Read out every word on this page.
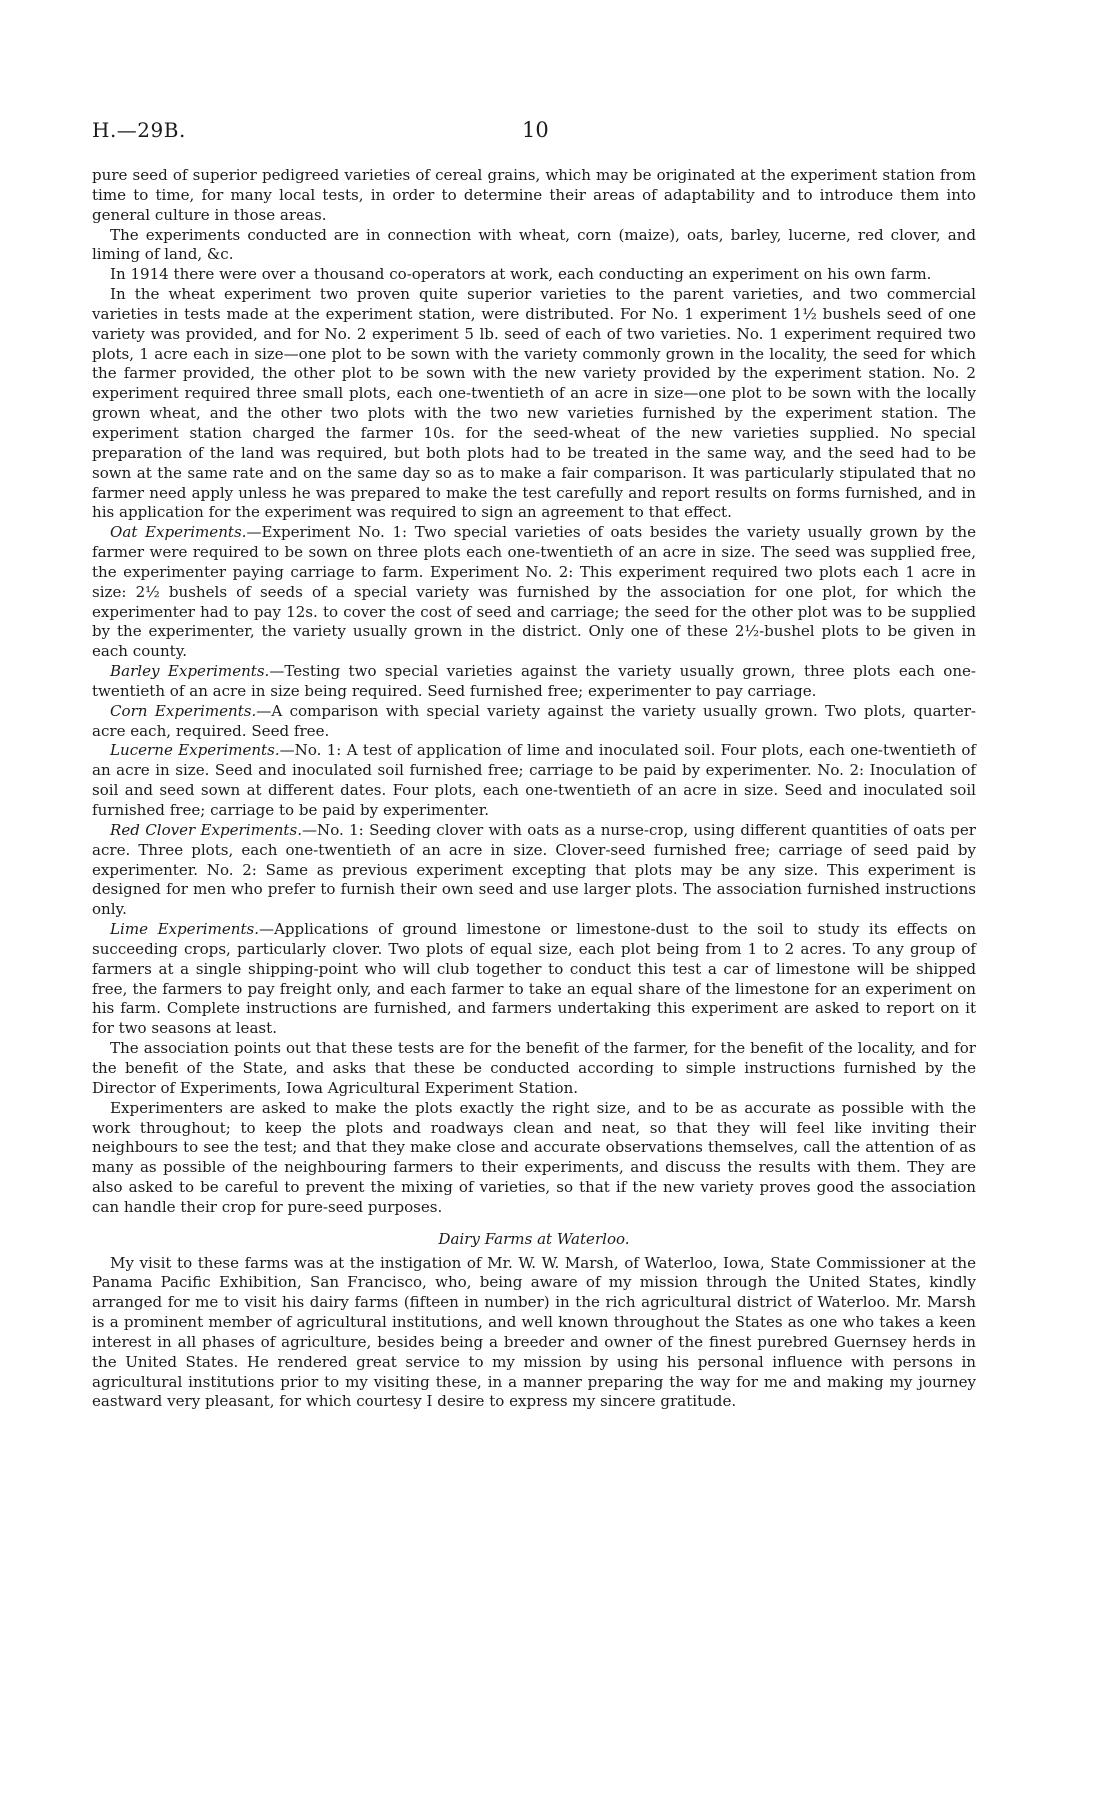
H.—29B.	10

pure seed of superior pedigreed varieties of cereal grains, which may be originated at the experiment station from time to time, for many local tests, in order to determine their areas of adaptability and to introduce them into general culture in those areas.

The experiments conducted are in connection with wheat, corn (maize), oats, barley, lucerne, red clover, and liming of land, &c.

In 1914 there were over a thousand co-operators at work, each conducting an experiment on his own farm.

In the wheat experiment two proven quite superior varieties to the parent varieties, and two commercial varieties in tests made at the experiment station, were distributed. For No. 1 experiment 1½ bushels seed of one variety was provided, and for No. 2 experiment 5 lb. seed of each of two varieties. No. 1 experiment required two plots, 1 acre each in size—one plot to be sown with the variety commonly grown in the locality, the seed for which the farmer provided, the other plot to be sown with the new variety provided by the experiment station. No. 2 experiment required three small plots, each one-twentieth of an acre in size—one plot to be sown with the locally grown wheat, and the other two plots with the two new varieties furnished by the experiment station. The experiment station charged the farmer 10s. for the seed-wheat of the new varieties supplied. No special preparation of the land was required, but both plots had to be treated in the same way, and the seed had to be sown at the same rate and on the same day so as to make a fair comparison. It was particularly stipulated that no farmer need apply unless he was prepared to make the test carefully and report results on forms furnished, and in his application for the experiment was required to sign an agreement to that effect.

Oat Experiments.—Experiment No. 1: Two special varieties of oats besides the variety usually grown by the farmer were required to be sown on three plots each one-twentieth of an acre in size. The seed was supplied free, the experimenter paying carriage to farm. Experiment No. 2: This experiment required two plots each 1 acre in size: 2½ bushels of seeds of a special variety was furnished by the association for one plot, for which the experimenter had to pay 12s. to cover the cost of seed and carriage; the seed for the other plot was to be supplied by the experimenter, the variety usually grown in the district. Only one of these 2½-bushel plots to be given in each county.

Barley Experiments.—Testing two special varieties against the variety usually grown, three plots each one-twentieth of an acre in size being required. Seed furnished free; experimenter to pay carriage.

Corn Experiments.—A comparison with special variety against the variety usually grown. Two plots, quarter-acre each, required. Seed free.

Lucerne Experiments.—No. 1: A test of application of lime and inoculated soil. Four plots, each one-twentieth of an acre in size. Seed and inoculated soil furnished free; carriage to be paid by experimenter. No. 2: Inoculation of soil and seed sown at different dates. Four plots, each one-twentieth of an acre in size. Seed and inoculated soil furnished free; carriage to be paid by experimenter.

Red Clover Experiments.—No. 1: Seeding clover with oats as a nurse-crop, using different quantities of oats per acre. Three plots, each one-twentieth of an acre in size. Clover-seed furnished free; carriage of seed paid by experimenter. No. 2: Same as previous experiment excepting that plots may be any size. This experiment is designed for men who prefer to furnish their own seed and use larger plots. The association furnished instructions only.

Lime Experiments.—Applications of ground limestone or limestone-dust to the soil to study its effects on succeeding crops, particularly clover. Two plots of equal size, each plot being from 1 to 2 acres. To any group of farmers at a single shipping-point who will club together to conduct this test a car of limestone will be shipped free, the farmers to pay freight only, and each farmer to take an equal share of the limestone for an experiment on his farm. Complete instructions are furnished, and farmers undertaking this experiment are asked to report on it for two seasons at least.

The association points out that these tests are for the benefit of the farmer, for the benefit of the locality, and for the benefit of the State, and asks that these be conducted according to simple instructions furnished by the Director of Experiments, Iowa Agricultural Experiment Station.

Experimenters are asked to make the plots exactly the right size, and to be as accurate as possible with the work throughout; to keep the plots and roadways clean and neat, so that they will feel like inviting their neighbours to see the test; and that they make close and accurate observations themselves, call the attention of as many as possible of the neighbouring farmers to their experiments, and discuss the results with them. They are also asked to be careful to prevent the mixing of varieties, so that if the new variety proves good the association can handle their crop for pure-seed purposes.

Dairy Farms at Waterloo.

My visit to these farms was at the instigation of Mr. W. W. Marsh, of Waterloo, Iowa, State Commissioner at the Panama Pacific Exhibition, San Francisco, who, being aware of my mission through the United States, kindly arranged for me to visit his dairy farms (fifteen in number) in the rich agricultural district of Waterloo. Mr. Marsh is a prominent member of agricultural institutions, and well known throughout the States as one who takes a keen interest in all phases of agriculture, besides being a breeder and owner of the finest purebred Guernsey herds in the United States. He rendered great service to my mission by using his personal influence with persons in agricultural institutions prior to my visiting these, in a manner preparing the way for me and making my journey eastward very pleasant, for which courtesy I desire to express my sincere gratitude.
